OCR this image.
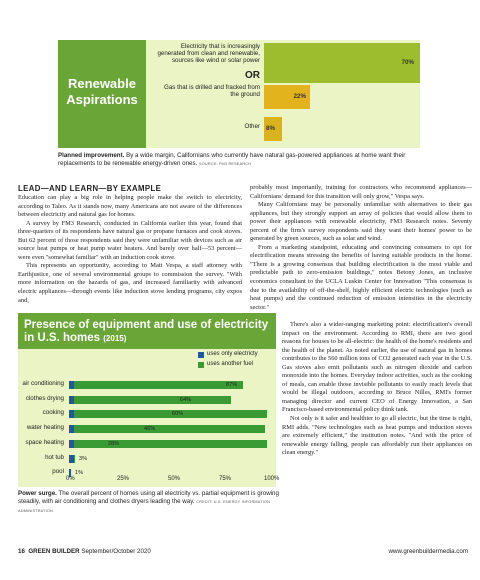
Renewable
Aspirations
Electricity that is increasingly
generated from clean and renewable,
sources like wind or solar power
OR
Gas that is drilled and fracked from
the ground
Other
70%
22%
8%
Planned improvement. By a wide margin, Californians who currently have natural gas-powered appliances at home want their replacements to be renewable energy-driven ones. SOURCE: FM3 RESEARCH
LEAD—AND LEARN—BY EXAMPLE

Education can play a big role in helping people make the switch to electricity, according to Taleo. As it stands now, many Americans are not aware of the differences between electricity and natural gas for homes.

A survey by FM3 Research, conducted in California earlier this year, found that three-quarters of its respondents have natural gas or propane furnaces and cook stoves. But 62 percent of those respondents said they were unfamiliar with devices such as air source heat pumps or heat pump water heaters. And barely over half—53 percent—were even "somewhat familiar" with an induction cook stove.

This represents an opportunity, according to Matt Vespa, a staff attorney with Earthjustice, one of several environmental groups to commission the survey. "With more information on the hazards of gas, and increased familiarity with advanced electric appliances—through events like induction stove lending programs, city expos and,

probably most importantly, training for contractors who recommend appliances—Californians' demand for this transition will only grow," Vespa says.

Many Californians may be personally unfamiliar with alternatives to their gas appliances, but they strongly support an array of policies that would allow them to power their appliances with renewable electricity, FM3 Research notes. Seventy percent of the firm's survey respondents said they want their homes' power to be generated by green sources, such as solar and wind.

From a marketing standpoint, educating and convincing consumers to opt for electrification means stressing the benefits of having suitable products in the home. "There is a growing consensus that building electrification is the most viable and predictable path to zero-emission buildings," notes Betony Jones, an inclusive economics consultant to the UCLA Luskin Center for Innovation "This consensus is due to the availability of off-the-shelf, highly efficient electric technologies (such as heat pumps) and the continued reduction of emission intensities in the electricity sector."

There's also a wider-ranging marketing point: electrification's overall impact on the environment. According to RMI, there are two good reasons for houses to be all-electric: the health of the home's residents and the health of the planet. As noted earlier, the use of natural gas in homes contributes to the 560 million tons of CO2 generated each year in the U.S. Gas stoves also emit pollutants such as nitrogen dioxide and carbon monoxide into the homes. Everyday indoor activities, such as the cooking of meals, can enable those invisible pollutants to easily reach levels that would be illegal outdoors, according to Bruce Nilles, RMI's former managing director and current CEO of Energy Innovation, a San Francisco-based environmental policy think tank.

Not only is it safer and healthier to go all electric, but the time is right, RMI adds. "New technologies such as heat pumps and induction stoves are extremely efficient," the institution notes. "And with the price of renewable energy falling, people can affordably run their appliances on clean energy."

Presence of equipment and use of electricity
in U.S. homes (2015)
uses only electricty
uses another fuel
air conditioning	87%
clothes drying	64%
cooking	60%
water heating	46%
space heating	28%
hot tub	3%
pool 1%
0%	25%	50%	75%	100%
Power surge. The overall percent of homes using all electricity vs. partial equipment is growing steadily, with air conditioning and clothes dryers leading the way. CREDIT: U.S. ENERGY INFORMATION ADMINISTRATION
16 GREEN BUILDER September/October 2020	www.greenbuildermedia.com
